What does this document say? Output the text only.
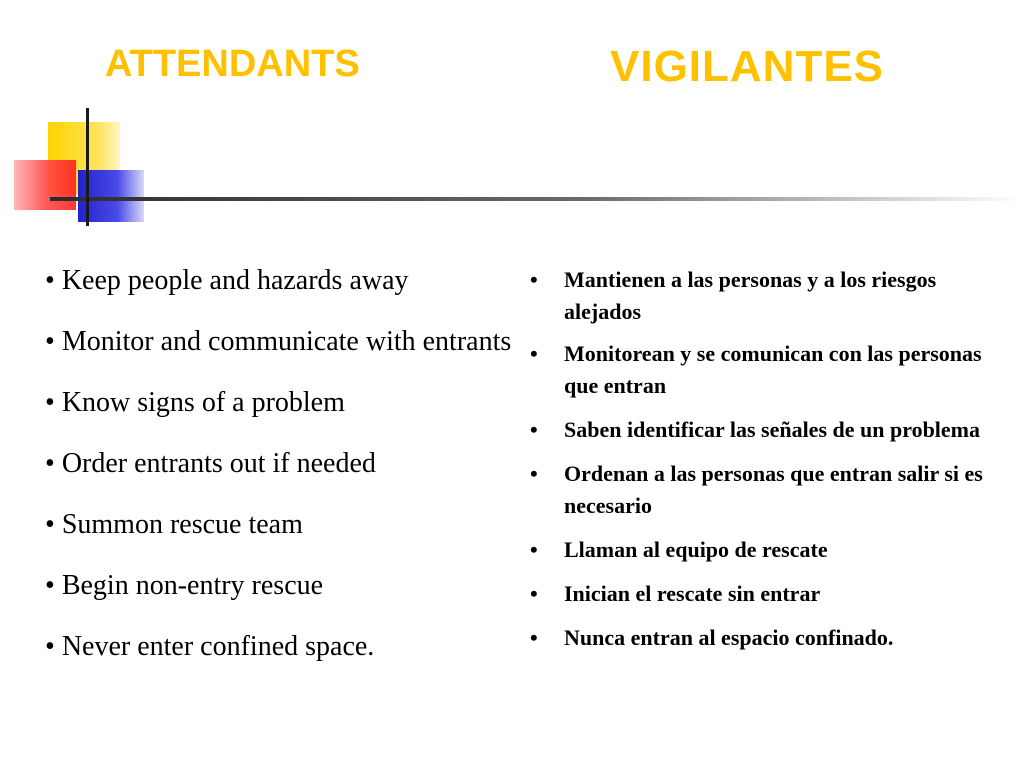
ATTENDANTS	VIGILANTES
• Keep people and hazards away
• Monitor and communicate with entrants
• Know signs of a problem
• Order entrants out if needed
• Summon rescue team
• Begin non-entry rescue
• Never enter confined space.
• Mantienen a las personas y a los riesgos alejados
• Monitorean y se comunican con las personas que entran
• Saben identificar las señales de un problema
• Ordenan a las personas que entran salir si es necesario
• Llaman al equipo de rescate
• Inician el rescate sin entrar
• Nunca entran al espacio confinado.
